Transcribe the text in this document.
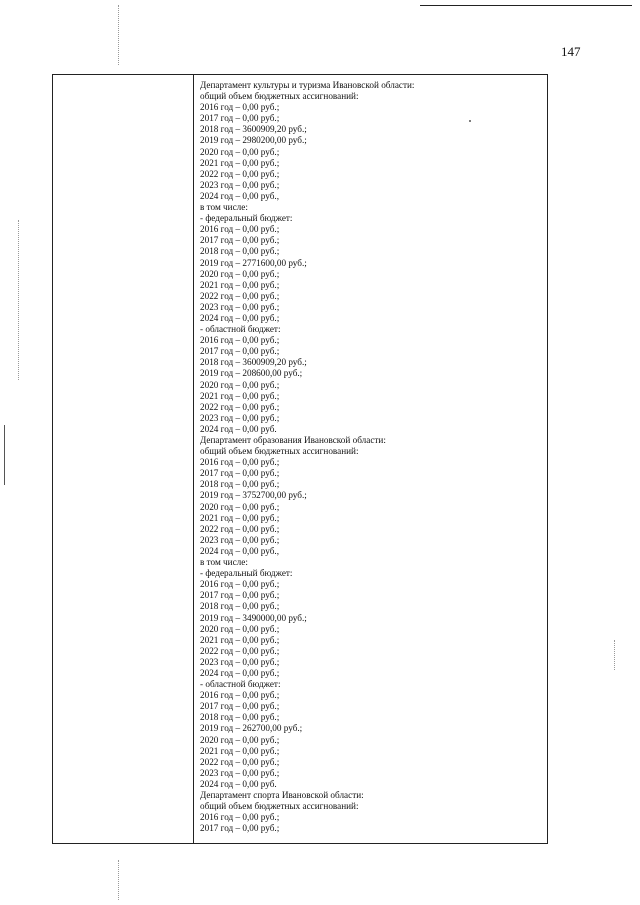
147
Департамент культуры и туризма Ивановской области:
общий объем бюджетных ассигнований:
2016 год – 0,00 руб.;
2017 год – 0,00 руб.;
2018 год – 3600909,20 руб.;
2019 год – 2980200,00 руб.;
2020 год – 0,00 руб.;
2021 год – 0,00 руб.;
2022 год – 0,00 руб.;
2023 год – 0,00 руб.;
2024 год – 0,00 руб.,
в том числе:
- федеральный бюджет:
2016 год – 0,00 руб.;
2017 год – 0,00 руб.;
2018 год – 0,00 руб.;
2019 год – 2771600,00 руб.;
2020 год – 0,00 руб.;
2021 год – 0,00 руб.;
2022 год – 0,00 руб.;
2023 год – 0,00 руб.;
2024 год – 0,00 руб.;
- областной бюджет:
2016 год – 0,00 руб.;
2017 год – 0,00 руб.;
2018 год – 3600909,20 руб.;
2019 год – 208600,00 руб.;
2020 год – 0,00 руб.;
2021 год – 0,00 руб.;
2022 год – 0,00 руб.;
2023 год – 0,00 руб.;
2024 год – 0,00 руб.
Департамент образования Ивановской области:
общий объем бюджетных ассигнований:
2016 год – 0,00 руб.;
2017 год – 0,00 руб.;
2018 год – 0,00 руб.;
2019 год – 3752700,00 руб.;
2020 год – 0,00 руб.;
2021 год – 0,00 руб.;
2022 год – 0,00 руб.;
2023 год – 0,00 руб.;
2024 год – 0,00 руб.,
в том числе:
- федеральный бюджет:
2016 год – 0,00 руб.;
2017 год – 0,00 руб.;
2018 год – 0,00 руб.;
2019 год – 3490000,00 руб.;
2020 год – 0,00 руб.;
2021 год – 0,00 руб.;
2022 год – 0,00 руб.;
2023 год – 0,00 руб.;
2024 год – 0,00 руб.;
- областной бюджет:
2016 год – 0,00 руб.;
2017 год – 0,00 руб.;
2018 год – 0,00 руб.;
2019 год – 262700,00 руб.;
2020 год – 0,00 руб.;
2021 год – 0,00 руб.;
2022 год – 0,00 руб.;
2023 год – 0,00 руб.;
2024 год – 0,00 руб.
Департамент спорта Ивановской области:
общий объем бюджетных ассигнований:
2016 год – 0,00 руб.;
2017 год – 0,00 руб.;
